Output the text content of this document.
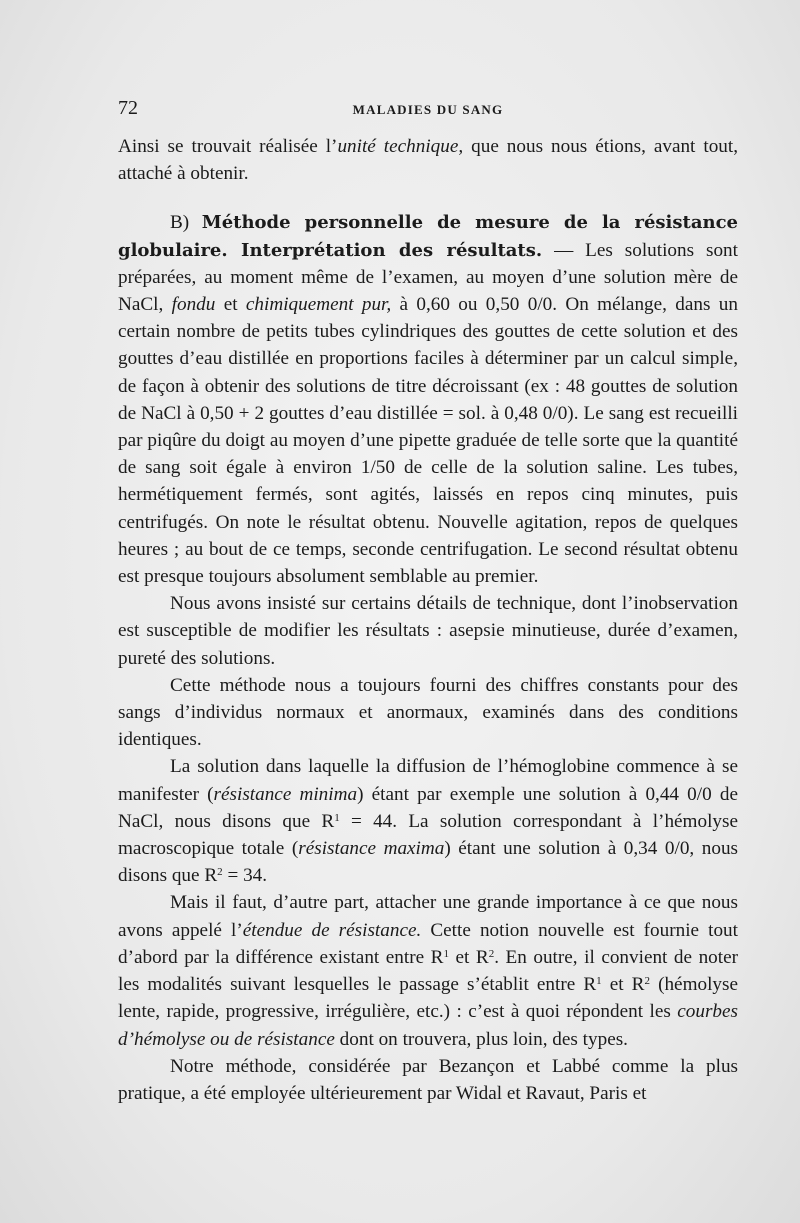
72	MALADIES DU SANG

Ainsi se trouvait réalisée l’unité technique, que nous nous étions, avant tout, attaché à obtenir.

B) Méthode personnelle de mesure de la résistance globulaire. Interprétation des résultats. — Les solutions sont préparées, au moment même de l’examen, au moyen d’une solution mère de NaCl, fondu et chimiquement pur, à 0,60 ou 0,50 0/0. On mélange, dans un certain nombre de petits tubes cylindriques des gouttes de cette solution et des gouttes d’eau distillée en proportions faciles à déterminer par un calcul simple, de façon à obtenir des solutions de titre décroissant (ex : 48 gouttes de solution de NaCl à 0,50 + 2 gouttes d’eau distillée = sol. à 0,48 0/0). Le sang est recueilli par piqûre du doigt au moyen d’une pipette graduée de telle sorte que la quantité de sang soit égale à environ 1/50 de celle de la solution saline. Les tubes, hermétiquement fermés, sont agités, laissés en repos cinq minutes, puis centrifugés. On note le résultat obtenu. Nouvelle agitation, repos de quelques heures ; au bout de ce temps, seconde centrifugation. Le second résultat obtenu est presque toujours absolument semblable au premier.

Nous avons insisté sur certains détails de technique, dont l’inobservation est susceptible de modifier les résultats : asepsie minutieuse, durée d’examen, pureté des solutions.

Cette méthode nous a toujours fourni des chiffres constants pour des sangs d’individus normaux et anormaux, examinés dans des conditions identiques.

La solution dans laquelle la diffusion de l’hémoglobine commence à se manifester (résistance minima) étant par exemple une solution à 0,44 0/0 de NaCl, nous disons que $R^1 = 44$. La solution correspondant à l’hémolyse macroscopique totale (résistance maxima) étant une solution à 0,34 0/0, nous disons que $R^2 = 34$.

Mais il faut, d’autre part, attacher une grande importance à ce que nous avons appelé l’étendue de résistance. Cette notion nouvelle est fournie tout d’abord par la différence existant entre $R^1$ et $R^2$. En outre, il convient de noter les modalités suivant lesquelles le passage s’établit entre $R^1$ et $R^2$ (hémolyse lente, rapide, progressive, irrégulière, etc.) : c’est à quoi répondent les courbes d’hémolyse ou de résistance dont on trouvera, plus loin, des types.

Notre méthode, considérée par Bezançon et Labbé comme la plus pratique, a été employée ultérieurement par Widal et Ravaut, Paris et
